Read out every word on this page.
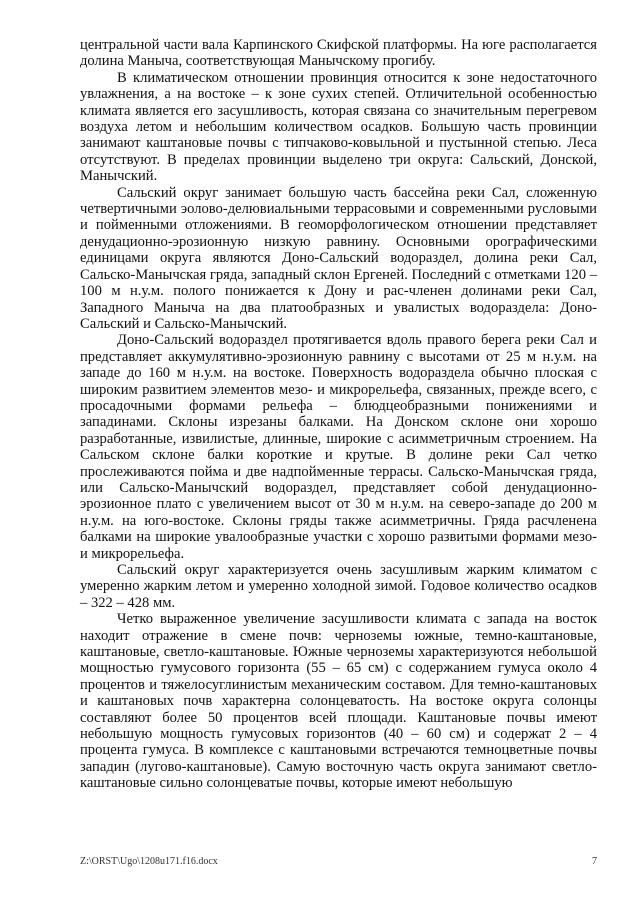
центральной части вала Карпинского Скифской платформы. На юге располагается долина Маныча, соответствующая Манычскому прогибу.

В климатическом отношении провинция относится к зоне недостаточного увлажнения, а на востоке – к зоне сухих степей. Отличительной особенностью климата является его засушливость, которая связана со значительным перегревом воздуха летом и небольшим количеством осадков. Большую часть провинции занимают каштановые почвы с типчаково-ковыльной и пустынной степью. Леса отсутствуют. В пределах провинции выделено три округа: Сальский, Донской, Манычский.

Сальский округ занимает большую часть бассейна реки Сал, сложенную четвертичными эолово-делювиальными террасовыми и современными русловыми и пойменными отложениями. В геоморфологическом отношении представляет денудационно-эрозионную низкую равнину. Основными орографическими единицами округа являются Доно-Сальский водораздел, долина реки Сал, Сальско-Манычская гряда, западный склон Ергеней. Последний с отметками 120 – 100 м н.у.м. полого понижается к Дону и рас-членен долинами реки Сал, Западного Маныча на два платообразных и увалистых водораздела: Доно-Сальский и Сальско-Манычский.

Доно-Сальский водораздел протягивается вдоль правого берега реки Сал и представляет аккумулятивно-эрозионную равнину с высотами от 25 м н.у.м. на западе до 160 м н.у.м. на востоке. Поверхность водораздела обычно плоская с широким развитием элементов мезо- и микрорельефа, связанных, прежде всего, с просадочными формами рельефа – блюдцеобразными понижениями и западинами. Склоны изрезаны балками. На Донском склоне они хорошо разработанные, извилистые, длинные, широкие с асимметричным строением. На Сальском склоне балки короткие и крутые. В долине реки Сал четко прослеживаются пойма и две надпойменные террасы. Сальско-Манычская гряда, или Сальско-Манычский водораздел, представляет собой денудационно-эрозионное плато с увеличением высот от 30 м н.у.м. на северо-западе до 200 м н.у.м. на юго-востоке. Склоны гряды также асимметричны. Гряда расчленена балками на широкие увалообразные участки с хорошо развитыми формами мезо- и микрорельефа.

Сальский округ характеризуется очень засушливым жарким климатом с умеренно жарким летом и умеренно холодной зимой. Годовое количество осадков – 322 – 428 мм.

Четко выраженное увеличение засушливости климата с запада на восток находит отражение в смене почв: черноземы южные, темно-каштановые, каштановые, светло-каштановые. Южные черноземы характеризуются небольшой мощностью гумусового горизонта (55 – 65 см) с содержанием гумуса около 4 процентов и тяжелосуглинистым механическим составом. Для темно-каштановых и каштановых почв характерна солонцеватость. На востоке округа солонцы составляют более 50 процентов всей площади. Каштановые почвы имеют небольшую мощность гумусовых горизонтов (40 – 60 см) и содержат 2 – 4 процента гумуса. В комплексе с каштановыми встречаются темноцветные почвы западин (лугово-каштановые). Самую восточную часть округа занимают светло-каштановые сильно солонцеватые почвы, которые имеют небольшую

Z:\ORST\Ugo\1208u171.f16.docx	7
